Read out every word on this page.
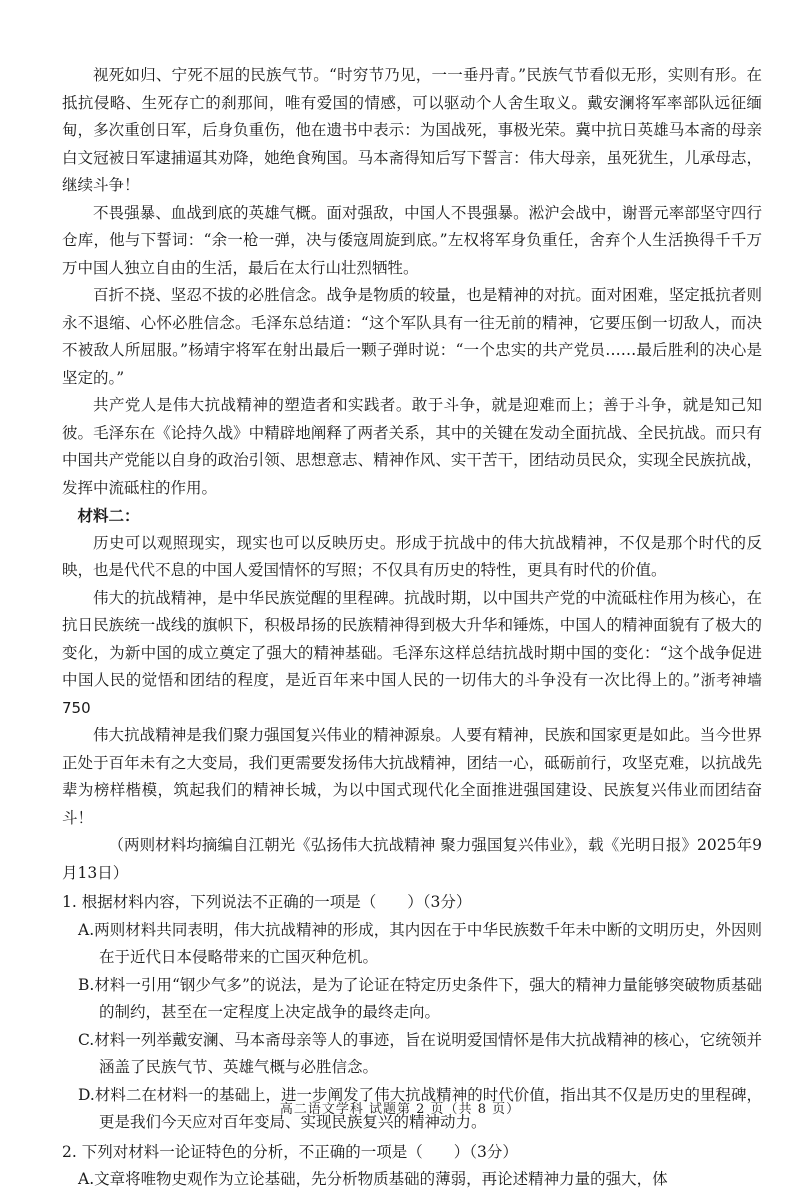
视死如归、宁死不屈的民族气节。“时穷节乃见，一一垂丹青。”民族气节看似无形，实则有形。在抵抗侵略、生死存亡的刹那间，唯有爱国的情感，可以驱动个人舍生取义。戴安澜将军率部队远征缅甸，多次重创日军，后身负重伤，他在遗书中表示：为国战死，事极光荣。冀中抗日英雄马本斋的母亲白文冠被日军逮捕逼其劝降，她绝食殉国。马本斋得知后写下誓言：伟大母亲，虽死犹生，儿承母志，继续斗争！

不畏强暴、血战到底的英雄气概。面对强敌，中国人不畏强暴。淞沪会战中，谢晋元率部坚守四行仓库，他与下誓词：“余一枪一弹，决与倭寇周旋到底。”左权将军身负重任，舍弃个人生活换得千千万万中国人独立自由的生活，最后在太行山壮烈牺牲。

百折不挠、坚忍不拔的必胜信念。战争是物质的较量，也是精神的对抗。面对困难，坚定抵抗者则永不退缩、心怀必胜信念。毛泽东总结道：“这个军队具有一往无前的精神，它要压倒一切敌人，而决不被敌人所屈服。”杨靖宇将军在射出最后一颗子弹时说：“一个忠实的共产党员……最后胜利的决心是坚定的。”

共产党人是伟大抗战精神的塑造者和实践者。敢于斗争，就是迎难而上；善于斗争，就是知己知彼。毛泽东在《论持久战》中精辟地阐释了两者关系，其中的关键在发动全面抗战、全民抗战。而只有中国共产党能以自身的政治引领、思想意志、精神作风、实干苦干，团结动员民众，实现全民族抗战，发挥中流砥柱的作用。

材料二：

历史可以观照现实，现实也可以反映历史。形成于抗战中的伟大抗战精神，不仅是那个时代的反映，也是代代不息的中国人爱国情怀的写照；不仅具有历史的特性，更具有时代的价值。

伟大的抗战精神，是中华民族觉醒的里程碑。抗战时期，以中国共产党的中流砥柱作用为核心，在抗日民族统一战线的旗帜下，积极昂扬的民族精神得到极大升华和锤炼，中国人的精神面貌有了极大的变化，为新中国的成立奠定了强大的精神基础。毛泽东这样总结抗战时期中国的变化：“这个战争促进中国人民的觉悟和团结的程度，是近百年来中国人民的一切伟大的斗争没有一次比得上的。”浙考神墙750

伟大抗战精神是我们聚力强国复兴伟业的精神源泉。人要有精神，民族和国家更是如此。当今世界正处于百年未有之大变局，我们更需要发扬伟大抗战精神，团结一心，砥砺前行，攻坚克难，以抗战先辈为榜样楷模，筑起我们的精神长城，为以中国式现代化全面推进强国建设、民族复兴伟业而团结奋斗！

（两则材料均摘编自江朝光《弘扬伟大抗战精神 聚力强国复兴伟业》，载《光明日报》2025年9月13日）

1. 根据材料内容，下列说法不正确的一项是（　　）（3分）

A.两则材料共同表明，伟大抗战精神的形成，其内因在于中华民族数千年未中断的文明历史，外因则在于近代日本侵略带来的亡国灭种危机。

B.材料一引用“钢少气多”的说法，是为了论证在特定历史条件下，强大的精神力量能够突破物质基础的制约，甚至在一定程度上决定战争的最终走向。

C.材料一列举戴安澜、马本斋母亲等人的事迹，旨在说明爱国情怀是伟大抗战精神的核心，它统领并涵盖了民族气节、英雄气概与必胜信念。

D.材料二在材料一的基础上，进一步阐发了伟大抗战精神的时代价值，指出其不仅是历史的里程碑，更是我们今天应对百年变局、实现民族复兴的精神动力。

2. 下列对材料一论证特色的分析，不正确的一项是（　　）（3分）

A.文章将唯物史观作为立论基础，先分析物质基础的薄弱，再论述精神力量的强大，体

高二语文学科 试题第 2 页（共 8 页）
